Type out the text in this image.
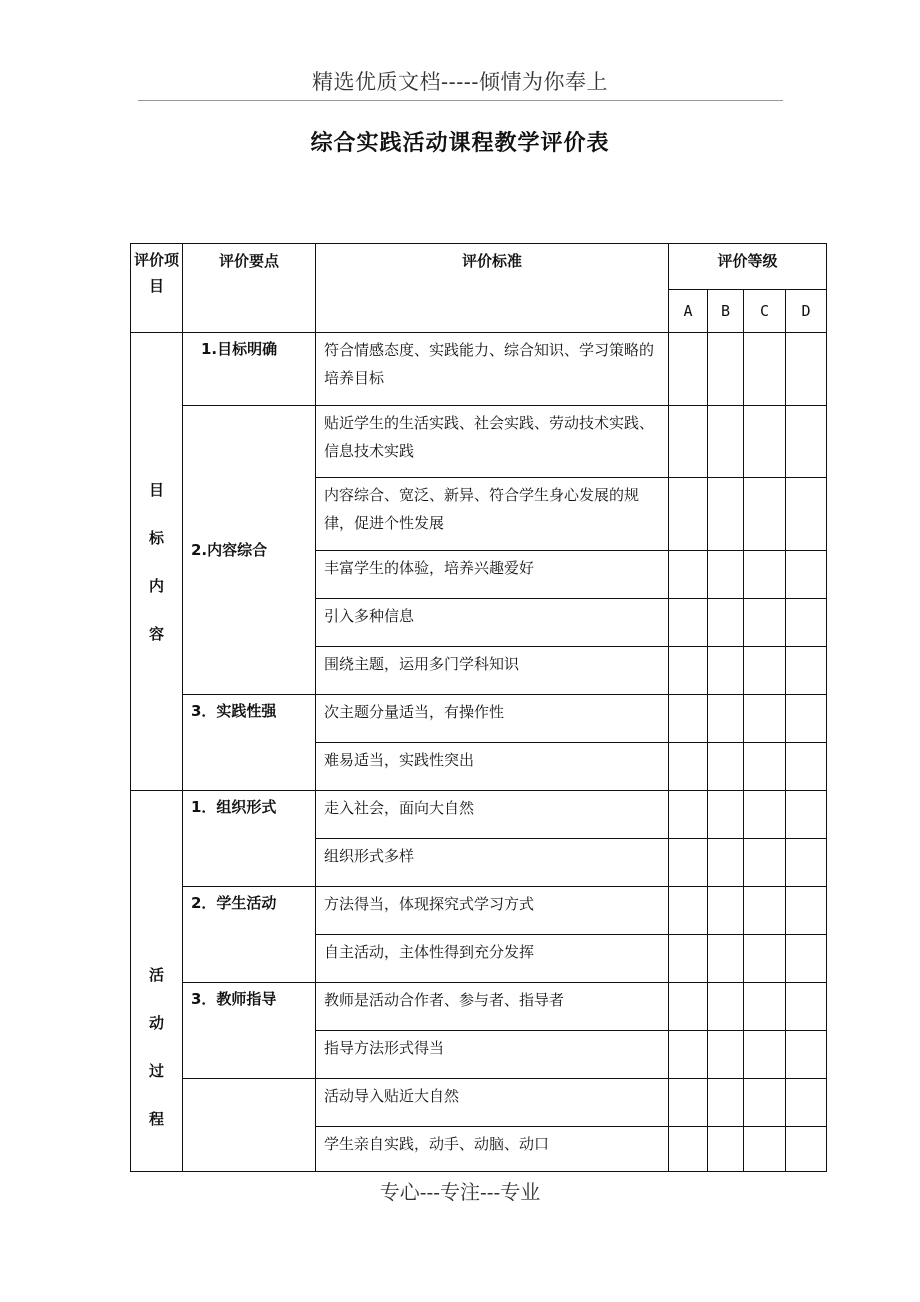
精选优质文档-----倾情为你奉上
综合实践活动课程教学评价表
评价项目	评价要点	评价标准	评价等级			
			A	B	C	D

目
标
内
容	1.目标明确	符合情感态度、实践能力、综合知识、学习策略的培养目标				
	2.内容综合	贴近学生的生活实践、社会实践、劳动技术实践、信息技术实践				
		内容综合、宽泛、新异、符合学生身心发展的规律，促进个性发展				
		丰富学生的体验，培养兴趣爱好				
		引入多种信息				
		围绕主题，运用多门学科知识				
	3．实践性强	次主题分量适当，有操作性				
		难易适当，实践性突出				

活
动
过
程	1．组织形式	走入社会，面向大自然				
		组织形式多样				
	2．学生活动	方法得当，体现探究式学习方式				
		自主活动，主体性得到充分发挥				
	3．教师指导	教师是活动合作者、参与者、指导者				
		指导方法形式得当				
		活动导入贴近大自然				
		学生亲自实践，动手、动脑、动口				
专心---专注---专业
